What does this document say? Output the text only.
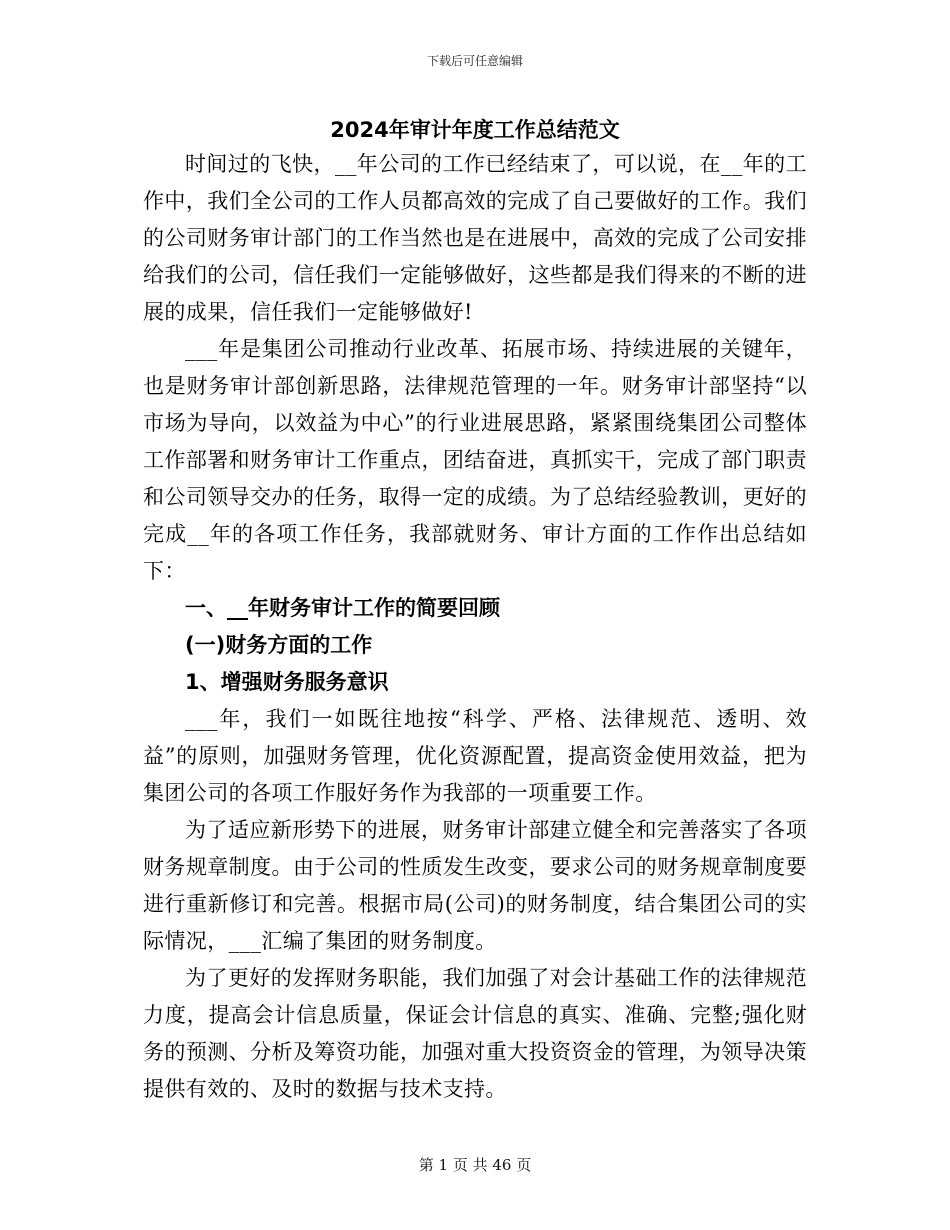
下载后可任意编辑
2024年审计年度工作总结范文

时间过的飞快，__年公司的工作已经结束了，可以说，在__年的工作中，我们全公司的工作人员都高效的完成了自己要做好的工作。我们的公司财务审计部门的工作当然也是在进展中，高效的完成了公司安排给我们的公司，信任我们一定能够做好，这些都是我们得来的不断的进展的成果，信任我们一定能够做好!

___年是集团公司推动行业改革、拓展市场、持续进展的关键年，也是财务审计部创新思路，法律规范管理的一年。财务审计部坚持“以市场为导向，以效益为中心”的行业进展思路，紧紧围绕集团公司整体工作部署和财务审计工作重点，团结奋进，真抓实干，完成了部门职责和公司领导交办的任务，取得一定的成绩。为了总结经验教训，更好的完成__年的各项工作任务，我部就财务、审计方面的工作作出总结如下：

一、__年财务审计工作的简要回顾

(一)财务方面的工作

1、增强财务服务意识

___年，我们一如既往地按“科学、严格、法律规范、透明、效益”的原则，加强财务管理，优化资源配置，提高资金使用效益，把为集团公司的各项工作服好务作为我部的一项重要工作。

为了适应新形势下的进展，财务审计部建立健全和完善落实了各项财务规章制度。由于公司的性质发生改变，要求公司的财务规章制度要进行重新修订和完善。根据市局(公司)的财务制度，结合集团公司的实际情况，___汇编了集团的财务制度。

为了更好的发挥财务职能，我们加强了对会计基础工作的法律规范力度，提高会计信息质量，保证会计信息的真实、准确、完整;强化财务的预测、分析及筹资功能，加强对重大投资资金的管理，为领导决策提供有效的、及时的数据与技术支持。

第 1 页 共 46 页
